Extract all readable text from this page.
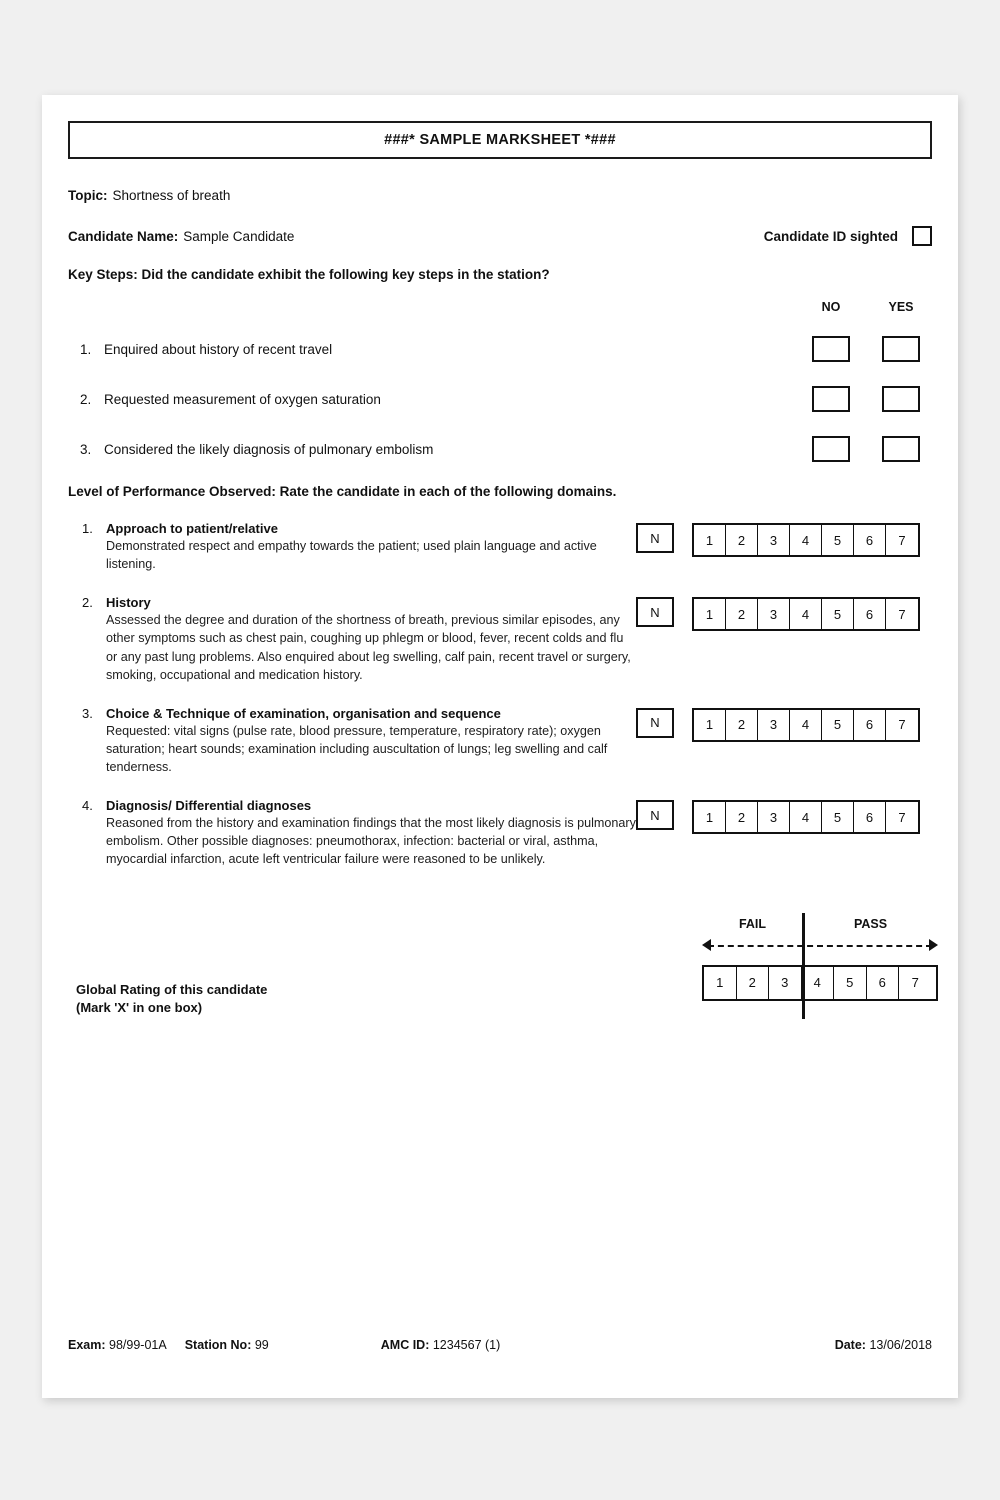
###* SAMPLE MARKSHEET *###
Topic: Shortness of breath
Candidate Name: Sample Candidate	Candidate ID sighted
Key Steps: Did the candidate exhibit the following key steps in the station?
NO	YES
1. Enquired about history of recent travel
2. Requested measurement of oxygen saturation
3. Considered the likely diagnosis of pulmonary embolism
Level of Performance Observed: Rate the candidate in each of the following domains.
1.	Approach to patient/relative
Demonstrated respect and empathy towards the patient; used plain language and active listening.
N	1	2	3	4	5	6	7
2.	History
Assessed the degree and duration of the shortness of breath, previous similar episodes, any other symptoms such as chest pain, coughing up phlegm or blood, fever, recent colds and flu or any past lung problems. Also enquired about leg swelling, calf pain, recent travel or surgery, smoking, occupational and medication history.
N	1	2	3	4	5	6	7
3.	Choice & Technique of examination, organisation and sequence
Requested: vital signs (pulse rate, blood pressure, temperature, respiratory rate); oxygen saturation; heart sounds; examination including auscultation of lungs; leg swelling and calf tenderness.
N	1	2	3	4	5	6	7
4.	Diagnosis/ Differential diagnoses
Reasoned from the history and examination findings that the most likely diagnosis is pulmonary embolism. Other possible diagnoses: pneumothorax, infection: bacterial or viral, asthma, myocardial infarction, acute left ventricular failure were reasoned to be unlikely.
N	1	2	3	4	5	6	7
Global Rating of this candidate
(Mark 'X' in one box)
FAIL	PASS
1	2	3	4	5	6	7
Exam: 98/99-01A Station No: 99	AMC ID: 1234567 (1)	Date: 13/06/2018
